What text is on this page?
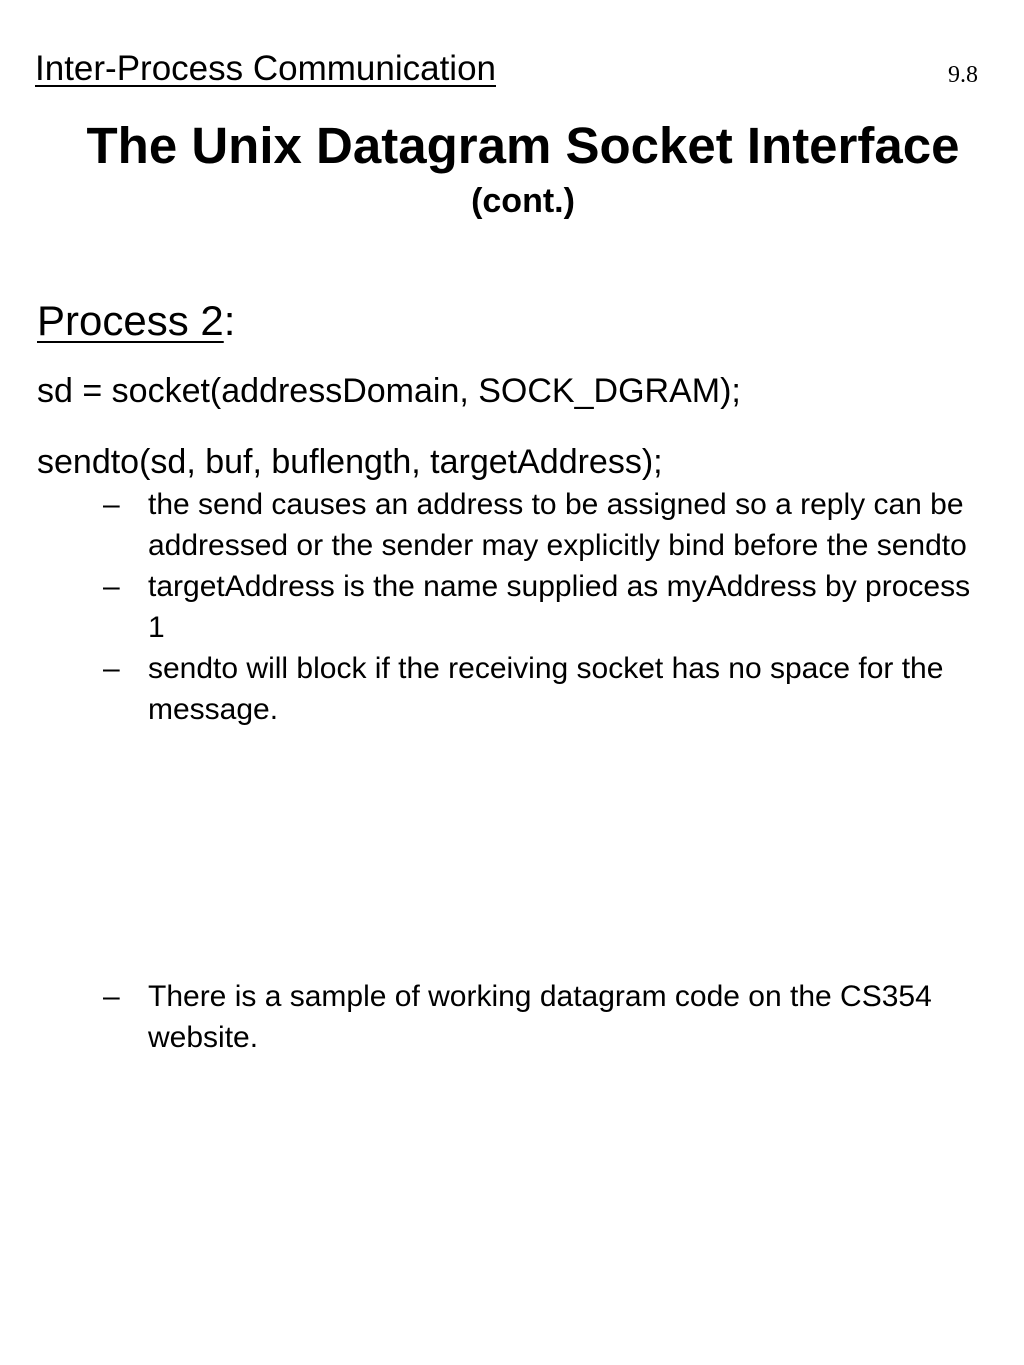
Inter-Process Communication	9.8
The Unix Datagram Socket Interface
(cont.)
Process 2:
sd = socket(addressDomain, SOCK_DGRAM);
sendto(sd, buf, buflength, targetAddress);
– the send causes an address to be assigned so a reply can be addressed or the sender may explicitly bind before the sendto
– targetAddress is the name supplied as myAddress by process 1
– sendto will block if the receiving socket has no space for the message.
– There is a sample of working datagram code on the CS354 website.
